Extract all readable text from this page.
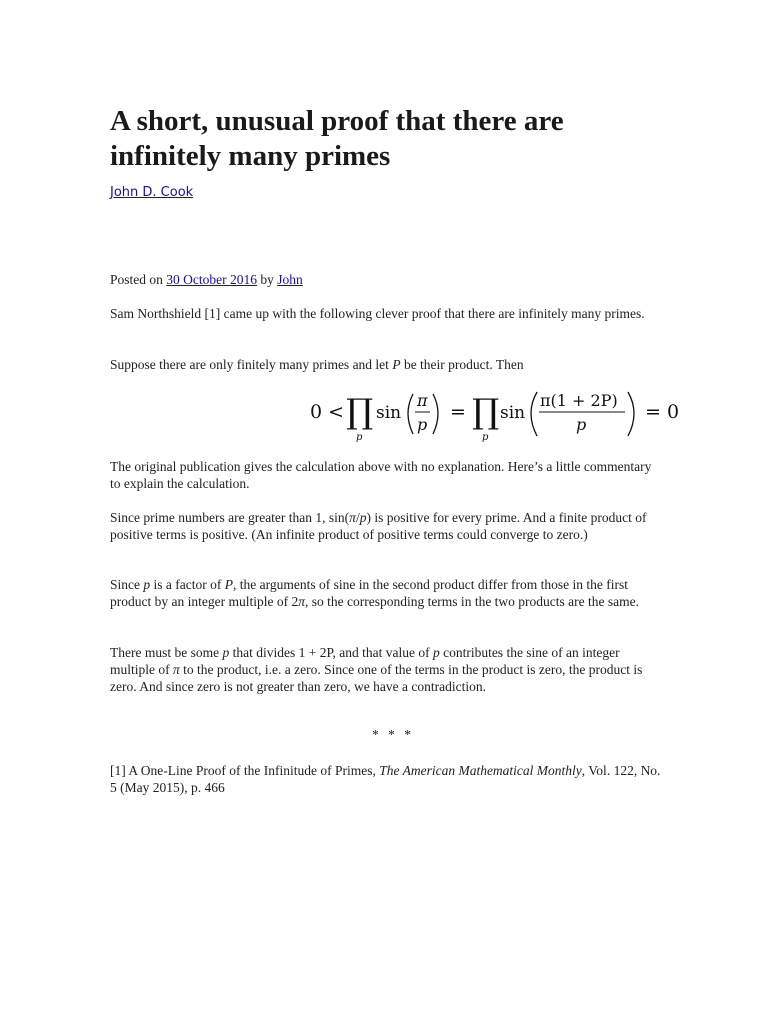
A short, unusual proof that there are infinitely many primes
John D. Cook
Posted on 30 October 2016 by John

Sam Northshield [1] came up with the following clever proof that there are infinitely many primes.

Suppose there are only finitely many primes and let P be their product. Then

0 < ∏
p
sin
π
p
= ∏
p
sin
π(1 + 2P)
p
= 0

The original publication gives the calculation above with no explanation. Here’s a little commentary to explain the calculation.

Since prime numbers are greater than 1, sin(π/p) is positive for every prime. And a finite product of positive terms is positive. (An infinite product of positive terms could converge to zero.)

Since p is a factor of P, the arguments of sine in the second product differ from those in the first product by an integer multiple of 2π, so the corresponding terms in the two products are the same.

There must be some p that divides 1 + 2P, and that value of p contributes the sine of an integer multiple of π to the product, i.e. a zero. Since one of the terms in the product is zero, the product is zero. And since zero is not greater than zero, we have a contradiction.

* * *

[1] A One-Line Proof of the Infinitude of Primes, The American Mathematical Monthly, Vol. 122, No. 5 (May 2015), p. 466
